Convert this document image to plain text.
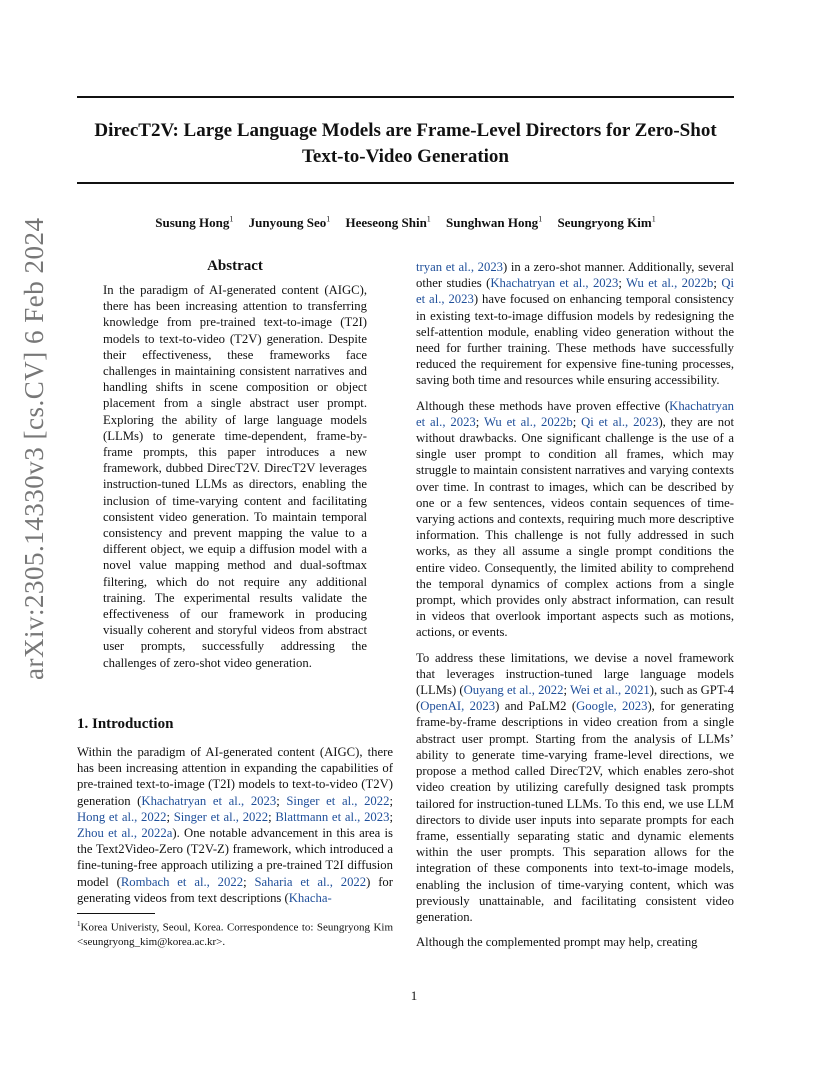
DirecT2V: Large Language Models are Frame-Level Directors for Zero-Shot
Text-to-Video Generation
Susung Hong$^1$ Junyoung Seo$^1$ Heeseong Shin$^1$ Sunghwan Hong$^1$ Seungryong Kim$^1$
arXiv:2305.14330v3 [cs.CV] 6 Feb 2024	Abstract

In the paradigm of AI-generated content (AIGC), there has been increasing attention to transferring knowledge from pre-trained text-to-image (T2I) models to text-to-video (T2V) generation. Despite their effectiveness, these frameworks face challenges in maintaining consistent narratives and handling shifts in scene composition or object placement from a single abstract user prompt. Exploring the ability of large language models (LLMs) to generate time-dependent, frame-by-frame prompts, this paper introduces a new framework, dubbed DirecT2V. DirecT2V leverages instruction-tuned LLMs as directors, enabling the inclusion of time-varying content and facilitating consistent video generation. To maintain temporal consistency and prevent mapping the value to a different object, we equip a diffusion model with a novel value mapping method and dual-softmax filtering, which do not require any additional training. The experimental results validate the effectiveness of our framework in producing visually coherent and storyful videos from abstract user prompts, successfully addressing the challenges of zero-shot video generation.

1. Introduction

Within the paradigm of AI-generated content (AIGC), there has been increasing attention in expanding the capabilities of pre-trained text-to-image (T2I) models to text-to-video (T2V) generation (Khachatryan et al., 2023; Singer et al., 2022; Hong et al., 2022; Singer et al., 2022; Blattmann et al., 2023; Zhou et al., 2022a). One notable advancement in this area is the Text2Video-Zero (T2V-Z) framework, which introduced a fine-tuning-free approach utilizing a pre-trained T2I diffusion model (Rombach et al., 2022; Saharia et al., 2022) for generating videos from text descriptions (Khacha-

tryan et al., 2023) in a zero-shot manner. Additionally, several other studies (Khachatryan et al., 2023; Wu et al., 2022b; Qi et al., 2023) have focused on enhancing temporal consistency in existing text-to-image diffusion models by redesigning the self-attention module, enabling video generation without the need for further training. These methods have successfully reduced the requirement for expensive fine-tuning processes, saving both time and resources while ensuring accessibility.

Although these methods have proven effective (Khachatryan et al., 2023; Wu et al., 2022b; Qi et al., 2023), they are not without drawbacks. One significant challenge is the use of a single user prompt to condition all frames, which may struggle to maintain consistent narratives and varying contexts over time. In contrast to images, which can be described by one or a few sentences, videos contain sequences of time-varying actions and contexts, requiring much more descriptive information. This challenge is not fully addressed in such works, as they all assume a single prompt conditions the entire video. Consequently, the limited ability to comprehend the temporal dynamics of complex actions from a single prompt, which provides only abstract information, can result in videos that overlook important aspects such as motions, actions, or events.

To address these limitations, we devise a novel framework that leverages instruction-tuned large language models (LLMs) (Ouyang et al., 2022; Wei et al., 2021), such as GPT-4 (OpenAI, 2023) and PaLM2 (Google, 2023), for generating frame-by-frame descriptions in video creation from a single abstract user prompt. Starting from the analysis of LLMs’ ability to generate time-varying frame-level directions, we propose a method called DirecT2V, which enables zero-shot video creation by utilizing carefully designed task prompts tailored for instruction-tuned LLMs. To this end, we use LLM directors to divide user inputs into separate prompts for each frame, essentially separating static and dynamic elements within the user prompts. This separation allows for the integration of these components into text-to-image models, enabling the inclusion of time-varying content, which was previously unattainable, and facilitating consistent video generation.

Although the complemented prompt may help, creating

$^1$Korea Univeristy, Seoul, Korea. Correspondence to: Seungryong Kim <seungryong_kim@korea.ac.kr>.
1
